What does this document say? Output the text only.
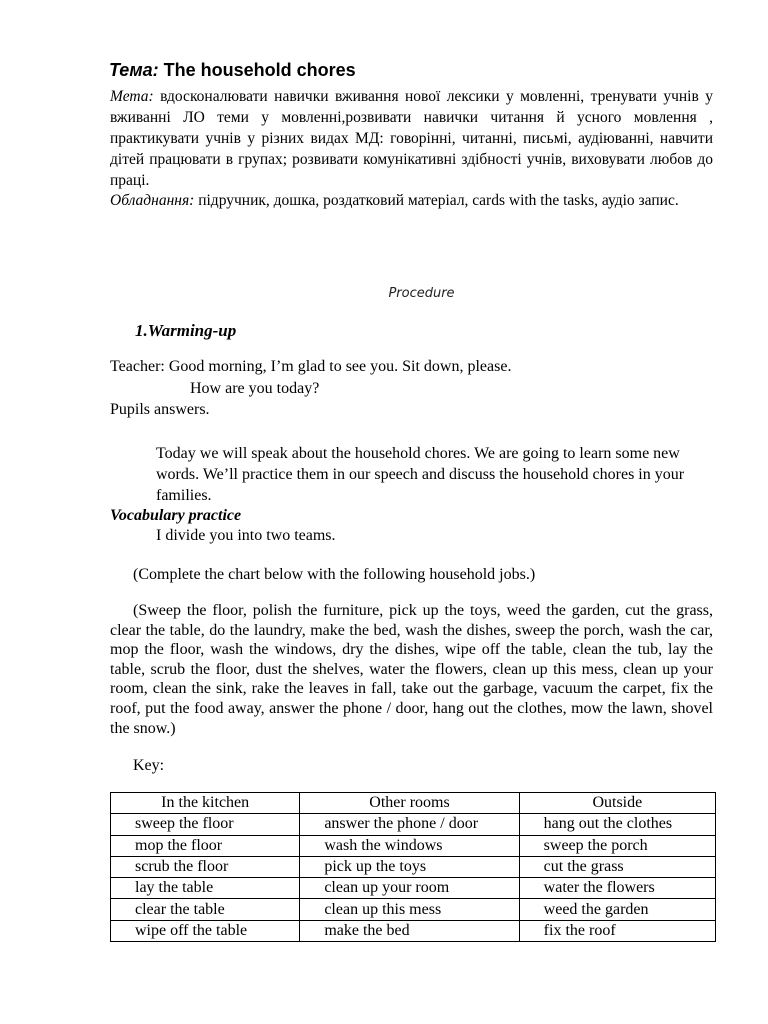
Тема: The household chores
Мета: вдосконалювати навички вживання нової лексики у мовленні, тренувати учнів у вживанні ЛО теми у мовленні,розвивати навички читання й усного мовлення , практикувати учнів у різних видах МД: говорінні, читанні, письмі, аудіюванні, навчити дітей працювати в групах; розвивати комунікативні здібності учнів, виховувати любов до праці.
Обладнання: підручник, дошка, роздатковий матеріал, cards with the tasks, аудіо запис.
Procedure
1.Warming-up
Teacher: Good morning, I’m glad to see you. Sit down, please.
How are you today?
Pupils answers.
Today we will speak about the household chores. We are going to learn some new words. We’ll practice them in our speech and discuss the household chores in your families.
Vocabulary practice
I divide you into two teams.
(Complete the chart below with the following household jobs.)
(Sweep the floor, polish the furniture, pick up the toys, weed the garden, cut the grass, clear the table, do the laundry, make the bed, wash the dishes, sweep the porch, wash the car, mop the floor, wash the windows, dry the dishes, wipe off the table, clean the tub, lay the table, scrub the floor, dust the shelves, water the flowers, clean up this mess, clean up your room, clean the sink, rake the leaves in fall, take out the garbage, vacuum the carpet, fix the roof, put the food away, answer the phone / door, hang out the clothes, mow the lawn, shovel the snow.)
Key:
In the kitchen	Other rooms	Outside
sweep the floor	answer the phone / door	hang out the clothes
mop the floor	wash the windows	sweep the porch
scrub the floor	pick up the toys	cut the grass
lay the table	clean up your room	water the flowers
clear the table	clean up this mess	weed the garden
wipe off the table	make the bed	fix the roof
